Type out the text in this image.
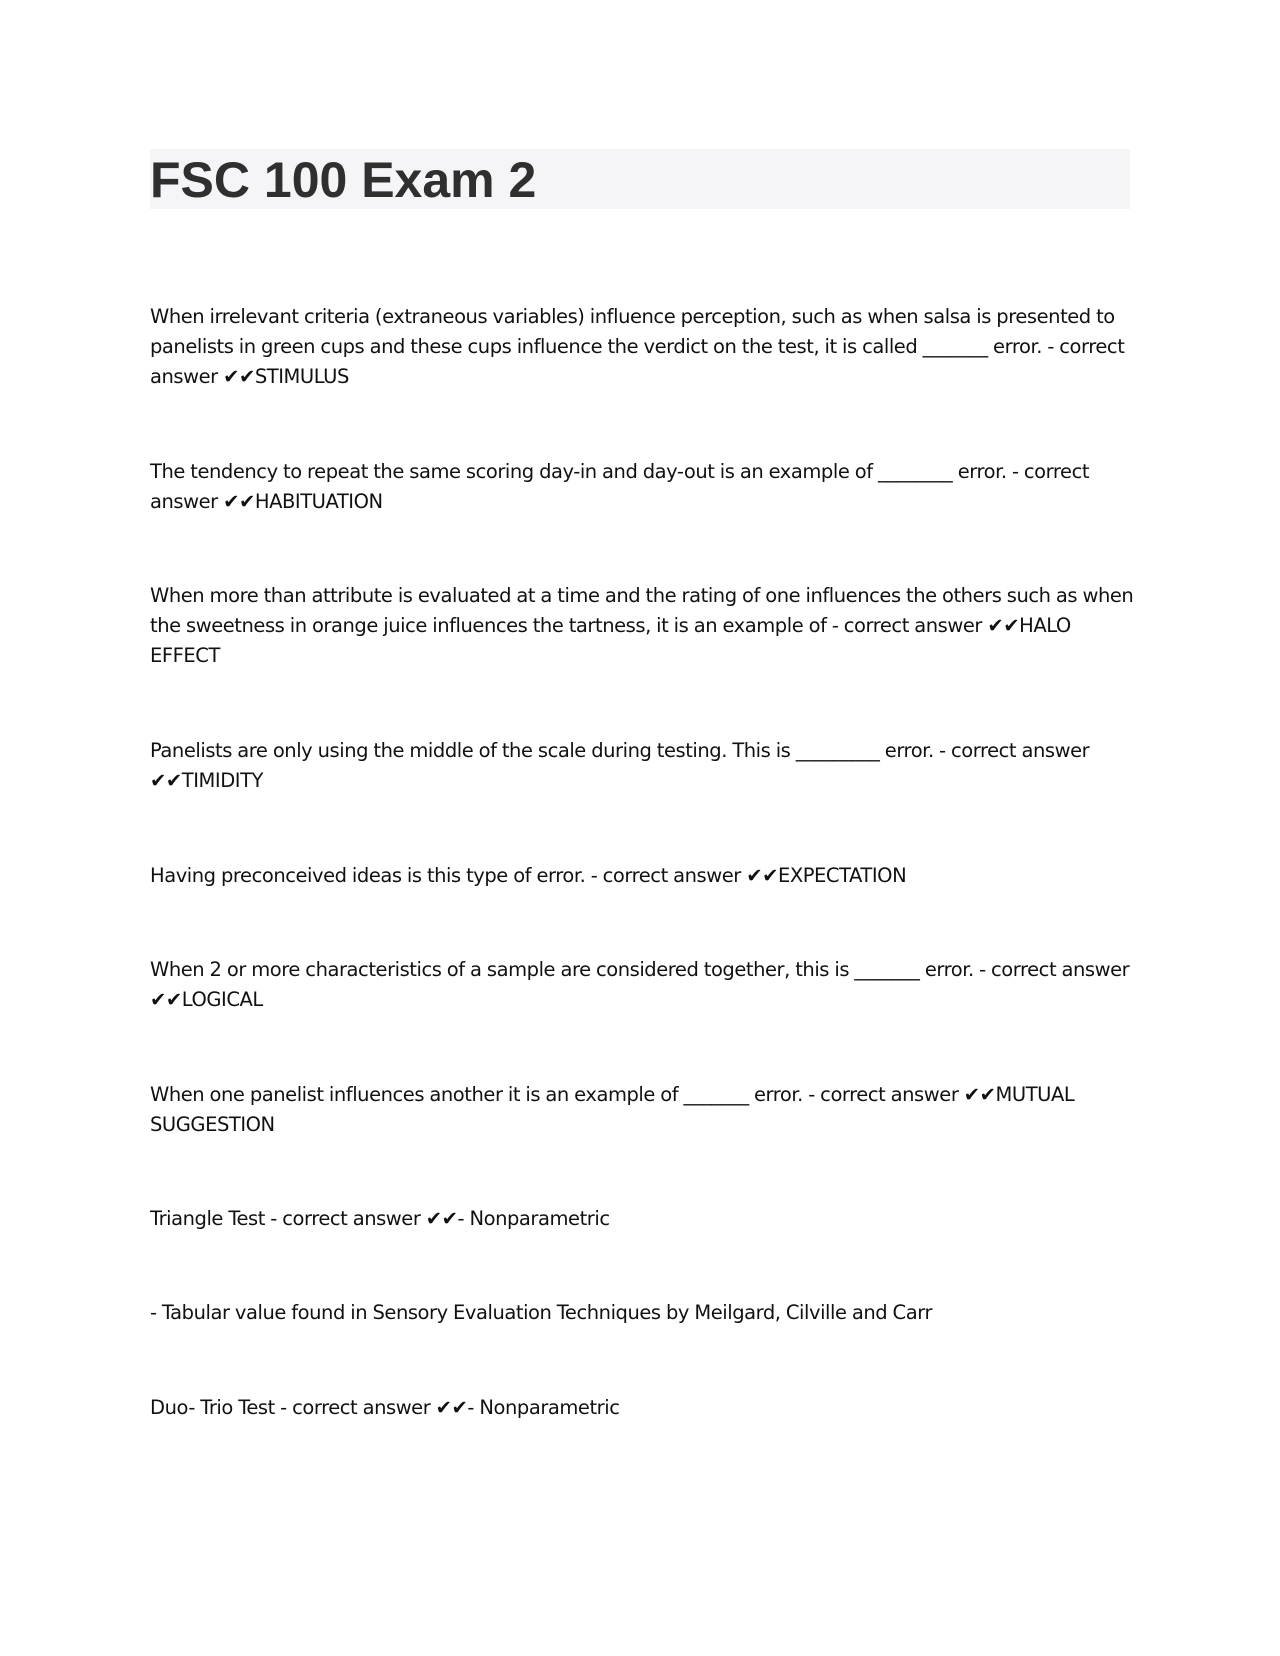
FSC 100 Exam 2

When irrelevant criteria (extraneous variables) influence perception, such as when salsa is presented to panelists in green cups and these cups influence the verdict on the test, it is called _______ error. - correct answer ✔✔STIMULUS

The tendency to repeat the same scoring day-in and day-out is an example of ________ error. - correct answer ✔✔HABITUATION

When more than attribute is evaluated at a time and the rating of one influences the others such as when the sweetness in orange juice influences the tartness, it is an example of - correct answer ✔✔HALO EFFECT

Panelists are only using the middle of the scale during testing. This is _________ error. - correct answer ✔✔TIMIDITY

Having preconceived ideas is this type of error. - correct answer ✔✔EXPECTATION

When 2 or more characteristics of a sample are considered together, this is _______ error. - correct answer ✔✔LOGICAL

When one panelist influences another it is an example of _______ error. - correct answer ✔✔MUTUAL SUGGESTION

Triangle Test - correct answer ✔✔- Nonparametric

- Tabular value found in Sensory Evaluation Techniques by Meilgard, Cilville and Carr

Duo- Trio Test - correct answer ✔✔- Nonparametric
